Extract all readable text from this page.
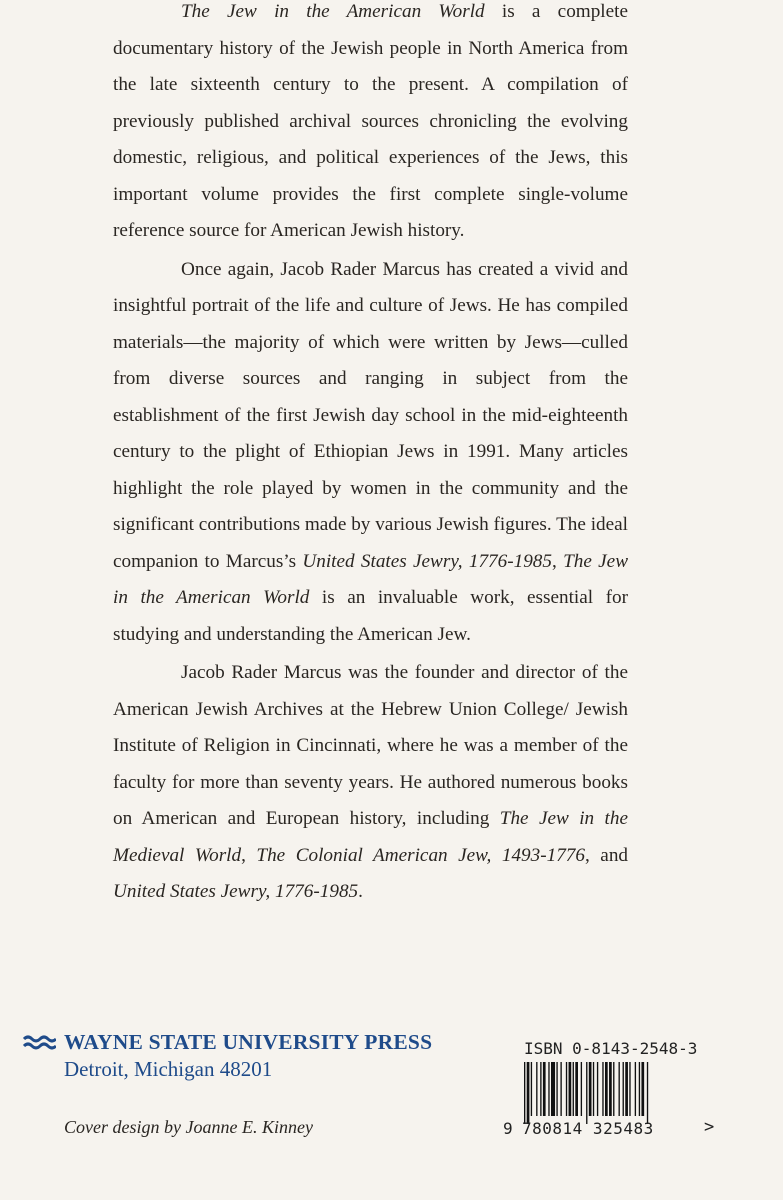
The Jew in the American World is a complete documentary history of the Jewish people in North America from the late sixteenth century to the present. A compilation of previously published archival sources chronicling the evolving domestic, religious, and political experiences of the Jews, this important volume provides the first complete single-volume reference source for American Jewish history.

Once again, Jacob Rader Marcus has created a vivid and insightful portrait of the life and culture of Jews. He has compiled materials—the majority of which were written by Jews—culled from diverse sources and ranging in subject from the establishment of the first Jewish day school in the mid-eighteenth century to the plight of Ethiopian Jews in 1991. Many articles highlight the role played by women in the community and the significant contributions made by various Jewish figures. The ideal companion to Marcus’s United States Jewry, 1776-1985, The Jew in the American World is an invaluable work, essential for studying and understanding the American Jew.

Jacob Rader Marcus was the founder and director of the American Jewish Archives at the Hebrew Union College/ Jewish Institute of Religion in Cincinnati, where he was a member of the faculty for more than seventy years. He authored numerous books on American and European history, including The Jew in the Medieval World, The Colonial American Jew, 1493-1776, and United States Jewry, 1776-1985.

WAYNE STATE UNIVERSITY PRESS
Detroit, Michigan 48201
Cover design by Joanne E. Kinney
ISBN 0-8143-2548-3
9 780814 325483	>
